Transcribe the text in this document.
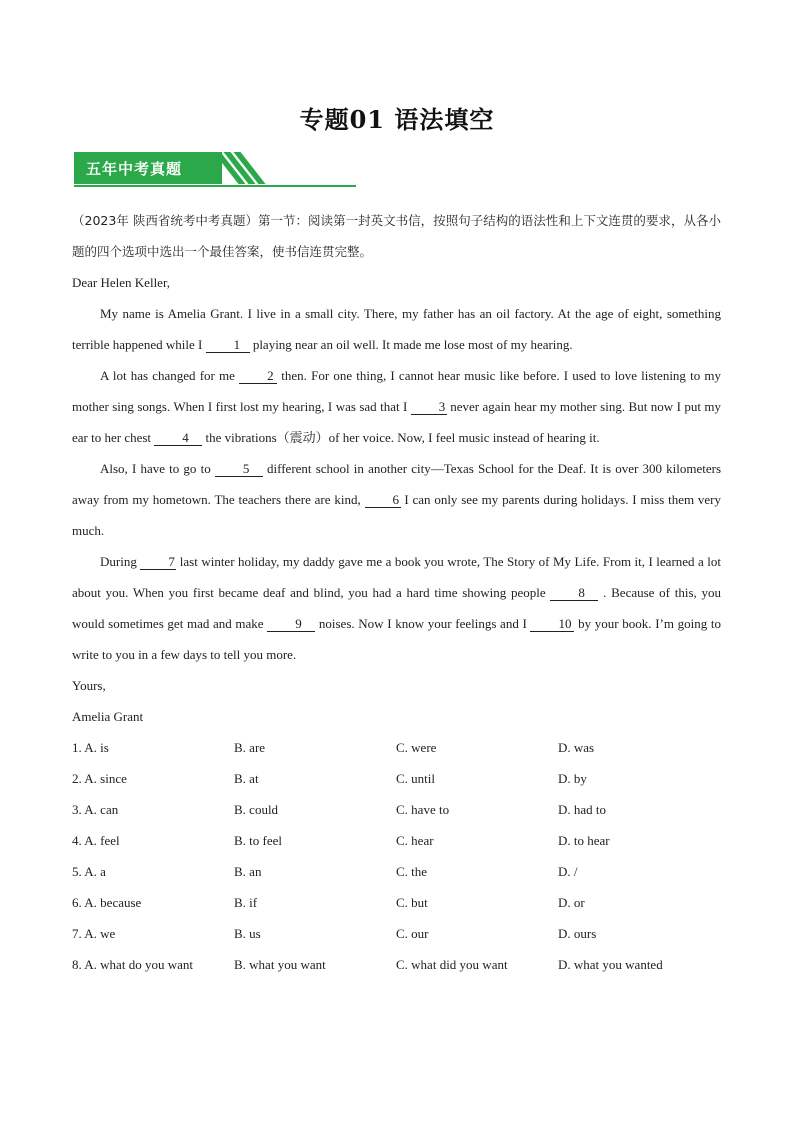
专题01 语法填空
五年中考真题

（2023年 陕西省统考中考真题）第一节：阅读第一封英文书信，按照句子结构的语法性和上下文连贯的要求，从各小题的四个选项中选出一个最佳答案，使书信连贯完整。

Dear Helen Keller,

My name is Amelia Grant. I live in a small city. There, my father has an oil factory. At the age of eight, something terrible happened while I 1 playing near an oil well. It made me lose most of my hearing.

A lot has changed for me 2 then. For one thing, I cannot hear music like before. I used to love listening to my mother sing songs. When I first lost my hearing, I was sad that I 3 never again hear my mother sing. But now I put my ear to her chest 4 the vibrations（震动）of her voice. Now, I feel music instead of hearing it.

Also, I have to go to 5 different school in another city—Texas School for the Deaf. It is over 300 kilometers away from my hometown. The teachers there are kind, 6 I can only see my parents during holidays. I miss them very much.

During 7 last winter holiday, my daddy gave me a book you wrote, The Story of My Life. From it, I learned a lot about you. When you first became deaf and blind, you had a hard time showing people 8 . Because of this, you would sometimes get mad and make 9 noises. Now I know your feelings and I 10 by your book. I’m going to write to you in a few days to tell you more.

Yours,

Amelia Grant

1. A. is	B. are	C. were	D. was
2. A. since	B. at	C. until	D. by
3. A. can	B. could	C. have to	D. had to
4. A. feel	B. to feel	C. hear	D. to hear
5. A. a	B. an	C. the	D. /
6. A. because	B. if	C. but	D. or
7. A. we	B. us	C. our	D. ours
8. A. what do you want	B. what you want	C. what did you want	D. what you wanted
